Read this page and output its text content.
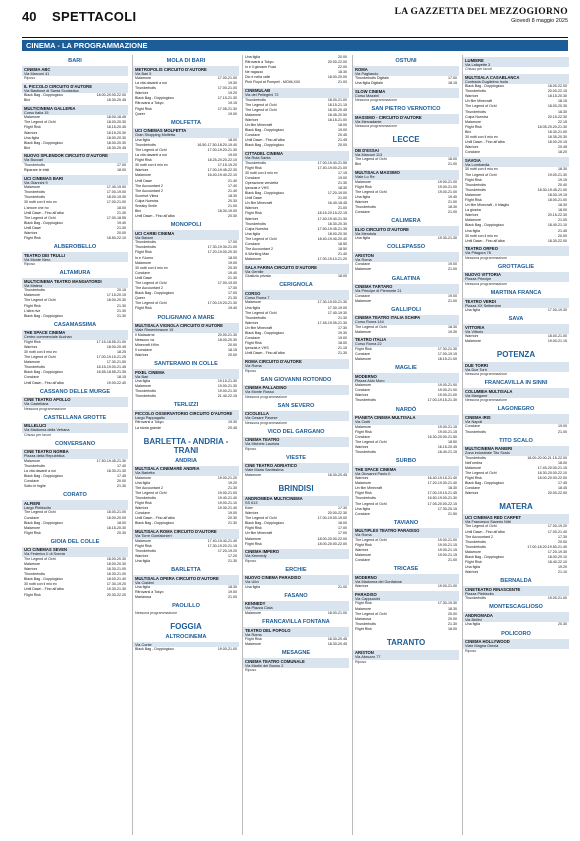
40 SPETTACOLI	LA GAZZETTA DEL MEZZOGIORNO
Giovedì 8 maggio 2025
CINEMA - LA PROGRAMMAZIONE
BARI
CINEMA ABC
Via Marconi 41
Riposo
IL PICCOLO CIRCUITO D'AUTORE
Via Bastione di Santa Scolastica
Black Bag - Doppiogioco	18.00-20.00-22.00
Bird	18.30-20.45
MULTICINEMA GALLERIA
Corso Italia 15
Malamore	18.00-18.45
The Legend of Ochi	18.00-20.30
Flight Risk	18.15-20.45
Warriors	18.15-20.30
Una figlia	18.00-20.30
Black Bag - Doppiogioco	18.00-20.30
Bird	18.30-20.45
NUOVO SPLENDOR CIRCUITO D'AUTORE
Via Buccari
Thunderbolts	17.00
Riparare le tristi	18.00
UCI CINEMAS BARI
Via Giannini 9
Malamore	17.40-19.00
Thunderbolts	17.00-19.00
Thunderbolts	18.00-19.30
30 notti con il mio ex	17.00-21.00
L'amore che ho	18.00
Until Dawn - Fino all'alba	21.30
The Legend of Ochi	17.00-18.55
Black Bag - Doppiogioco	19.40
Until Dawn	21.30
Warriors	20.00
Flight Risk	18.50-22.10
ALBEROBELLO
TEATRO DEI TRULLI
Via Monte Nero
Riposo
ALTAMURA
MULTICINEMA TEATRO MANGIATORDI
Via Matera
Thunderbolts	20.15
Malamore	17.15-20.15
The Legend of Ochi	18.00-20.30
Flight Risk	21.30
L'altra riva	21.30
Black Bag - Doppiogioco	21.30
CASAMASSIMA
THE SPACE CINEMA
Centro commerciale Auchan
Flight Risk	17.15-18.55-21.00
Warriors	18.00-20.45
30 notti con il mio ex	18.25
The Legend of Ochi	17.00-19.15-21.25
Malamore	17.30-21.50
Thunderbolts	18.15-19.00-21.45
Black Bag - Doppiogioco	16.55-18.55-21.35
Conclave	18.15
Until Dawn - Fino all'alba	19.00-22.40
CASSANO DELLE MURGE
CINE TEATRO APOLLO
Via Castellana
Nessuna programmazione
CASTELLANA GROTTE
MILLELUCI
Via Madonna della Vetrana
Chiuso per lavori
CONVERSANO
CINE TEATRO NORBA
Piazza della Repubblica
Malamore	17.50-19.45-21.30
Thunderbolts	17.40
La vita davanti a noi	18.30-21.30
Black Bag - Doppiogioco	17.45
Conclave	20.00
Sotto le foglie	21.30
CORATO
ALFIERI
Largo Plebiscito
The Legend of Ochi	18.00-21.00
Conclave	18.00-20.00
Black Bag - Doppiogioco	18.00
Malamore	18.15-20.30
Flight Risk	20.30
GIOIA DEL COLLE
UCI CINEMAS SEVEN
Via Federico II di Svevia
The Legend of Ochi	18.00-20.30
Malamore	18.00-20.30
Warriors	18.30-21.00
Thunderbolts	18.30-21.00
Black Bag - Doppiogioco	18.00-21.40
30 notti con il mio ex	17.30-19.20
Until Dawn - Fino all'alba	19.30-21.30
Flight Risk	20.30-22.20
MOLA DI BARI
METROPOLIS CIRCUITO D'AUTORE
Via Bari 5
Malamore	17.00-21.00
La vita davanti a noi	19.30
Thunderbolts	17.00-21.00
Warriors	19.20
Black Bag - Doppiogioco	17.15-21.30
Ritrovarsi a Tokyo	19.15
Flight Risk	17.05-21.30
Queer	19.00
MOLFETTA
UCI CINEMAS MOLFETTA
Gran Shopping Molfetta
Una figlia	18.00
Thunderbolts	16.50-17.50-18.20-19.40
The Legend of Ochi	17.00-19.20-21.30
La vita davanti a noi	19.00
Flight Risk	18.25-20.20-22.10
30 notti con il mio ex	17.15-19.20
Warriors	17.00-19.45-22.30
Malamore	16.40-19.40-22.10
Until Dawn	21.40
The Accountant 2	17.40
The Accountant 2	21.40
Sconfort Vilma	18.30
Culpa Nuestra	20.30
Sneaky Smile	21.00
Bird	18.30-19.00
Until Dawn - Fino all'alba	20.30
MONOPOLI
UCI CARBI CINEMA
Via Baione
Thunderbolts	17.00
Thunderbolts	17.30-19.30-21.00
Flight Risk	17.20-19.00-20.30
Io e l'Uomo	18.00
Malamore	19.00
30 notti con il mio ex	20.30
Conclave	19.40
Until Dawn	21.30
The Legend of Ochi	17.00-19.00
The Accountant 2	17.30
Black Bag - Doppiogioco	17.00
Queer	21.30
The Legend of Ochi	17.00-19.20-21.30
Flight Risk	19.40
POLIGNANO A MARE
MULTISALA VIGNOLA CIRCUITO D'AUTORE
Viale Rimembranze 15
Il Malacarne	20.00-21.30
Nessuno va	18.00-20.30
Minecraft il film	20.00
Il conclave	18.15
Warriors	20.00
SANTERAMO IN COLLE
PIXEL CINEMA
Via Bari
Una figlia	19.15-21.30
Malamore	19.00-21.30
Thunderbolts	19.00-21.30
Thunderbolts	21.40-22.15
TERLIZZI
PICCOLO OSSERVATORIO CIRCUITO D'AUTORE
Largo Pappagallo
Ritrovarsi a Tokyo	19.30
La storia grande	20.45
BARLETTA - ANDRIA - TRANI
ANDRIA
MULTISALA CINEMARÈ ANDRIA
Via Barletta
Malamore	19.00-21.20
Una figlia	19.20
The Accountant 2	21.30
The Legend of Ochi	19.00-21.00
Thunderbolts	19.40-21.40
Flight Risk	19.00-21.10
Warriors	19.30-21.40
Conclave	19.00
Until Dawn - Fino all'alba	20.30
Black Bag - Doppiogioco	21.30
MULTISALA ROMA CIRCUITO D'AUTORE
Via Torre Gonfalonieri
Malamore	17.40-19.40-21.40
Flight Risk	17.30-19.20-21.15
Thunderbolts	17.20-19.20
Warriors	17.20
Una figlia	21.30
BARLETTA
MULTISALA OPERA CIRCUITO D'AUTORE
Via Cialdini
Una figlia	18.30
Ritrovarsi a Tokyo	19.00
Mariarosa	21.00
PAOLILLO
Nessuna programmazione
FOGGIA
ALTROCINEMA
Via Conte
Black Bag - Doppiogioco	19.00-21.00
Una figlia	20.00
Ritrovarsi a Tokyo	20.00-22.00
Io e il giovane Fuad	22.00
Ne ragazzo	18.30
Dio è nella valle	18.00-20.00
Pink Floyd at Pompeii - MCMLXXII	21.00
CINEMULAB
Via dei Pellegrini 72
Thunderbolts	18.00-21.00
The Legend of Ochi	18.15-21.15
The Legend of Ochi	18.30-20.45
Malamore	18.45-20.50
Warriors	18.15-21.00
Un film Minecraft	18.00
Black Bag - Doppiogioco	19.00
Conclave	20.45
Until Dawn - Fino all'alba	21.45
Black Bag - Doppiogioco	20.00
CITTADEL CINEMA
Via Ruta Santa
Thunderbolts	17.00-19.40-21.55
Flight Risk	17.40-19.00-21.00
30 notti con il mio ex	17.15
Conclave	19.00
Operazione vendetta	21.30
Iyenzak e VHS	18.30
Black Bag - Doppiogioco	17.20-19.00
Until Dawn	21.00
Un film Minecraft	16.40-18.45
Warriors	21.00
Flight Risk	18.15-20.15-22.15
Warriors	17.40-19.40-21.30
Thunderbolts	18.30-20.30
Culpa Nuestra	17.50-19.45-21.35
Una figlia	18.00-20.30
The Legend of Ochi	18.40-19.40-20.40
Conclave	18.50
The Accountant 2	18.50
A Working Man	21.40
Malamore	17.00-19.10-21.20
SALA FARINA CIRCUITO D'AUTORE
Via Gentile
Giustizia privata	18.00
CERIGNOLA
CORSO
Corso Roma 7
Malamore	17.30-19.00-21.30
Una figlia	17.30-19.00
The Legend of Ochi	17.40-19.30
Thunderbolts	21.30
Warriors	17.45-19.05-21.30
Un film Minecraft	17.30
Black Bag - Doppiogioco	19.30
Conclave	19.00
Flight Risk	18.00
Iyenzak e VHS	21.15
Until Dawn - Fino all'alba	21.30
ROMA CIRCUITO D'AUTORE
Via Roma
Riposo
SAN GIOVANNI ROTONDO
CINEMA PALLADINO
Via Monte Rosso
Nessuna programmazione
SAN SEVERO
CICOLELLA
Via Cesare Pavese
Nessuna programmazione
VICO DEL GARGANO
CINEMA TEATRO
Via Michele Lauriola
Riposo
VIESTE
CINE TEATRO ADRIATICO
Viale Maria Santissima
Malamore	18.30-20.45
BRINDISI
ANDROMEDA MULTICINEMA
SS 613
Eden	17.30
Warriors	20.00-22.30
The Legend of Ochi	17.00-19.00-19.00
Black Bag - Doppiogioco	18.00
Flight Risk	17.00
Un film Minecraft	17.00
Malamore	18.00-20.00-22.00
Flight Risk	18.00-20.00-22.00
CINEMA IMPERO
Via Kennedy
Riposo
ERCHIE
NUOVO CINEMA PARADISO
Via Ulivi
Una figlia	21.00
FASANO
KENNEDY
Via Piazza Ciaia
Malamore	18.00-21.00
FRANCAVILLA FONTANA
TEATRO DEL POPOLO
Via Roma
Flight Risk	18.30-20.45
Malamore	18.30-20.45
MESAGNE
CINEMA TEATRO COMUNALE
Via Martiri del Buonu 2
Riposo
OSTUNI
ROMA
Via Pagliarulo
Thunderbolts Digitale	17.00
Una figlia Digitale	18.15
SLOW CINEMA
Corso Mazzini
Nessuna programmazione
SAN PIETRO VERNOTICO
MASSIMO - CIRCUITO D'AUTORE
Via Mercadante
Nessuna programmazione
LECCE
DB D'ESSAI
Via Marconi 113
The Legend of Ochi	18.00
Bird	21.00
MULTISALA MASSIMO
Viale Lo Re
Malamore	19.00-21.00
Flight Risk	19.00-21.00
The Legend of Ochi	19.00-21.00
Una figlia	19.40
Warriors	21.00
Thunderbolts	18.30
Conclave	21.00
CALIMERA
ELIO CIRCUITO D'AUTORE
Via Mendola
Una figlia	19.30-21.30
COLLEPASSO
ARISTON
Via Roma
Conclave	19.00
Malamore	21.00
GALATINA
CINEMA TARTARO
Via Principe di Piemonte 21
Conclave	19.00
Malamore	21.00
GALLIPOLI
CINEMA TEATRO ITALIA SCHIPA
Corso Roma 144
The Legend of Ochi	18.30
Malamore	19.30
TEATRO ITALIA
Corso Roma 22
Flight Risk	17.30-21.30
Conclave	17.00-19.15
Malamore	18.15-21.00
MAGLIE
MODERNO
Piazza Aldo Moro
Malamore	19.00-21.00
Conclave	19.00-21.00
Warriors	19.00-21.00
Thunderbolts	17.00-19.15-21.30
NARDÒ
PIANETA CINEMA MULTISALA
Via Ciotti
Malamore	19.00-21.15
Flight Risk	19.00-21.15
Conclave	16.30-20.00-21.50
The Legend of Ochi	18.50
Warriors	16.15-20.45
Thunderbolts	16.40-21.15
SURBO
THE SPACE CINEMA
Via Giovanni Paolo II
Warriors	16.40-19.15-21.40
Malamore	17.20-19.30-21.40
Un film Minecraft	18.30
Flight Risk	17.00-19.15-21.45
Thunderbolts	16.50-19.00-21.30
The Legend of Ochi	17.05-20.00-22.15
Una figlia	17.30-20.15
Conclave	21.50
TAVIANO
MULTIPLEX TEATRO PARADISO
Via Roma
The Legend of Ochi	19.00-21.00
Flight Risk	19.00-21.15
Warriors	19.00-21.15
Malamore	19.00-21.15
Conclave	21.00
TRICASE
MODERNO
Via Madonna del Gonfalone
Warriors	19.00-21.00
PARADISO
Via Cappuccini
Flight Risk	17.30-19.30
Malamore	18.30
The Legend of Ochi	20.00
Mariarosa	20.00
Thunderbolts	21.30
Flight Risk	18.00
TARANTO
ARISTON
Via Abruzzo 77
Riposo
LUMIERE
Via Lafayette 3
Chiuso per lavori
MULTISALA CASABLANCA
Contrada Guglielmo Isola
Black Bag - Doppiogioco	18.00-22.00
Thunderbolts	20.00-22.15
Warriors	18.15-20.30
Un film Minecraft	18.15
The Legend of Ochi	18.00-20.30
Thunderbolts	18.30
Culpa Nuestra	20.15-22.30
Malamore	22.15
Flight Risk	18.05-20.20-21.30
Bird	18.30-21.00
30 notti con il mio ex	18.35-20.30
Until Dawn - Fino all'alba	18.00-20.15
Warriors	20.45
Conclave	18.20
SAVOIA
Via Lombardia
30 notti con il mio ex	18.30
The Legend of Ochi	19.00-21.30
Flight Risk	19.15
Thunderbolts	20.40
Thunderbolts	18.30-19.45-21.00
Malamore	18.00-19.15
Flight Risk	18.00-21.00
Un film Minecraft - Il bilaglio	18.30
La giostra	18.00
Warriors	20.15-22.30
Malamore	21.00
Black Bag - Doppiogioco	18.40-21.10
Una figlia	21.45
30 notti con il mio ex	20.00
Until Dawn - Fino all'alba	18.30-22.00
TEATRO ORFEO
Via Pitagora 78
Nessuna programmazione
GROTTAGLIE
NUOVO VITTORIA
Piazza Principe
Nessuna programmazione
MARTINA FRANCA
TEATRO VERDI
Piazza XX Settembre
Una figlia	17.00-19.30
SAVA
VITTORIA
Via Vittorio
Warriors	18.00-21.00
Malamore	19.00-21.15
POTENZA
DUE TORRI
Via Due Torri
Nessuna programmazione
FRANCAVILLA IN SINNI
COLUMBIA MULTISALA
Via Mangone
Nessuna programmazione
LAGONEGRO
CINEMA IRIS
Via Napoli
Conclave	19.00
Thunderbolts	21.00
TITO SCALO
MULTICINEMA RANIERI
Zona industriale Tito Scalo
Thunderbolts	18.00-20.00-21.15-22.00
Nell'ombra	18.00
Malamore	17.45-20.00-21.15
The Legend of Ochi	18.30-20.00-22.10
Flight Risk	18.00-20.00-22.00
Black Bag - Doppiogioco	17.45
Conclave	18.45
Warriors	20.00-22.00
MATERA
UCI CINEMAS RED CARPET
Via Francesco Saverio Nitti
The Legend of Ochi	17.00-19.20
Until Dawn - Fino all'alba	17.00-21.40
The Accountant 2	17.30
Thunderbolts	20.00
Thunderbolts	17.00-18.20-19.50-21.40
Malamore	17.20-19.30
Black Bag - Doppiogioco	18.00-20.10
Flight Risk	18.40-22.10
Una figlia	19.20
Warriors	21.10
BERNALDA
CINETEATRO RINASCENTE
Piazza Plebiscito
Thunderbolts	19.00-21.00
MONTESCAGLIOSO
ANDROMADA
Via Bellini
Una figlia	20.30
POLICORO
CINEMA HOLLYWOOD
Viale Magna Grecia
Riposo
